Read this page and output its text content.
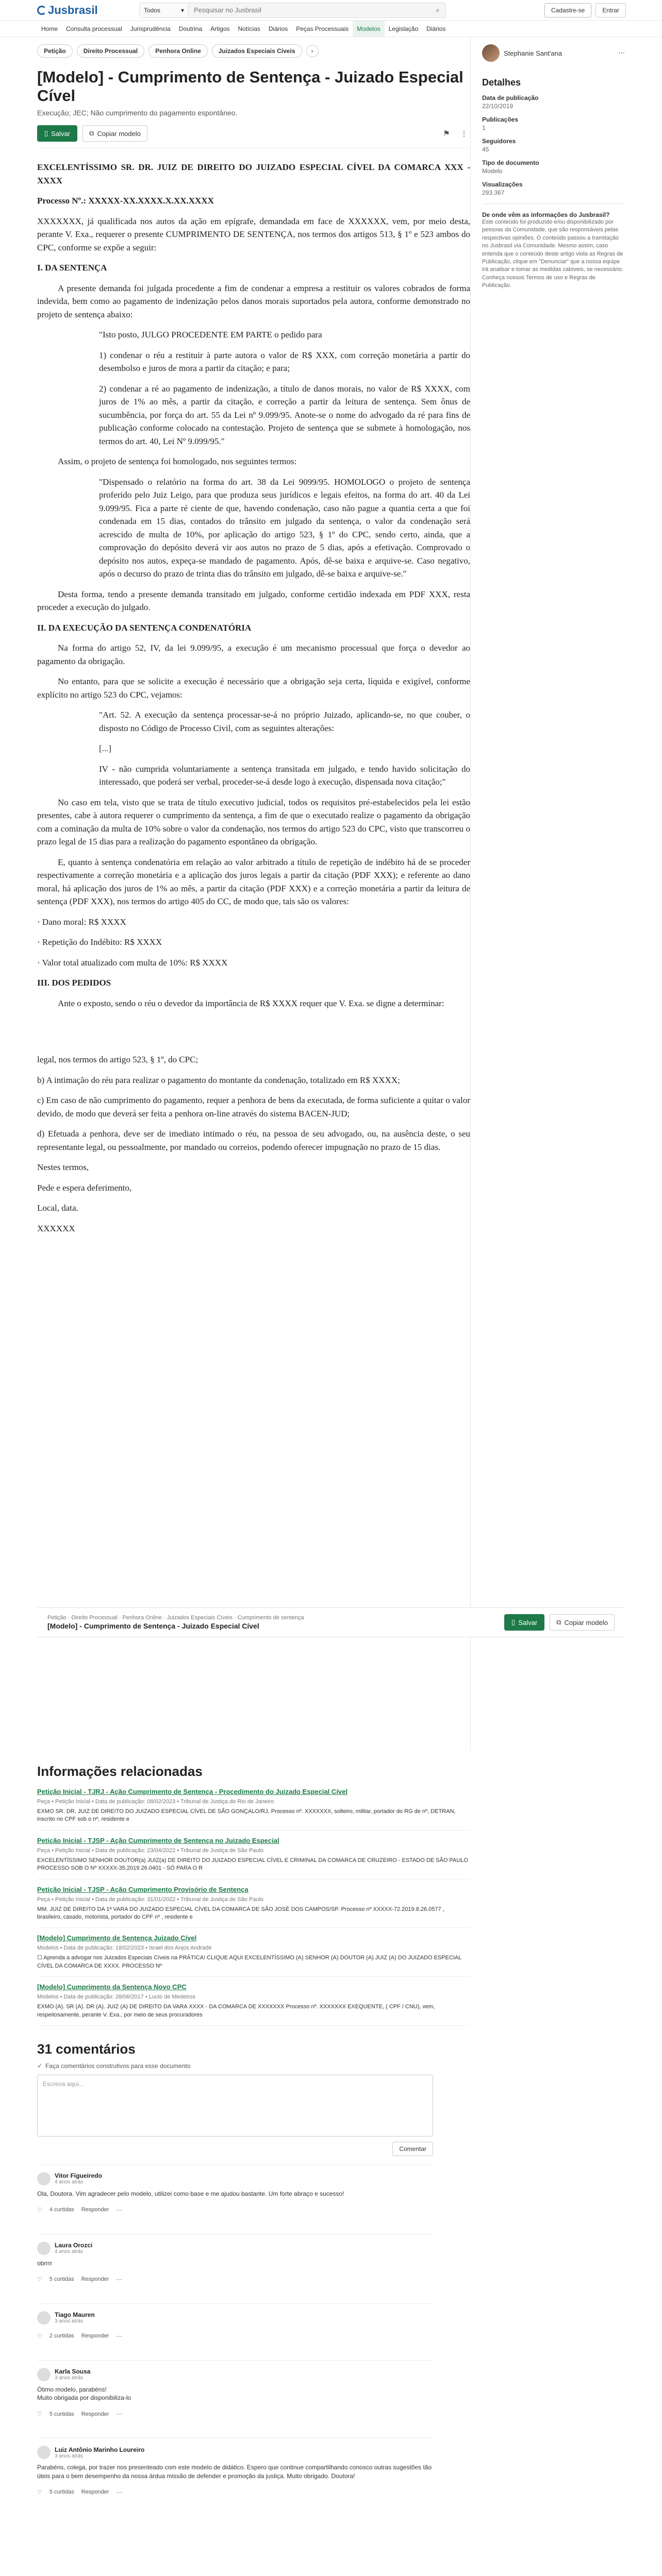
Jusbrasil	Todos	▾
Pesquisar no Jusbrasil	⌕	Cadastre-se	Entrar
Home	Consulta processual	Jurisprudência	Doutrina	Artigos	Notícias	Diários	Peças Processuais	Modelos	Legislação	Diários
Petição	Direito Processual	Penhora Online	Juizados Especiais Cíveis	›
[Modelo] - Cumprimento de Sentença - Juizado Especial Cível
Execução; JEC; Não cumprimento do pagamento espontâneo.
▯ Salvar	⧉ Copiar modelo	⚑	⋮

EXCELENTÍSSIMO SR. DR. JUIZ DE DIREITO DO JUIZADO ESPECIAL CÍVEL DA COMARCA XXX - XXXX

Processo Nº.: XXXXX-XX.XXXX.X.XX.XXXX

XXXXXXX, já qualificada nos autos da ação em epígrafe, demandada em face de XXXXXX, vem, por meio desta, perante V. Exa., requerer o presente CUMPRIMENTO DE SENTENÇA, nos termos dos artigos 513, § 1º e 523 ambos do CPC, conforme se expõe a seguir:

I. DA SENTENÇA

A presente demanda foi julgada procedente a fim de condenar a empresa a restituir os valores cobrados de forma indevida, bem como ao pagamento de indenização pelos danos morais suportados pela autora, conforme demonstrado no projeto de sentença abaixo:

"Isto posto, JULGO PROCEDENTE EM PARTE o pedido para
1) condenar o réu a restituir à parte autora o valor de R$ XXX, com correção monetária a partir do desembolso e juros de mora a partir da citação; e para;
2) condenar a ré ao pagamento de indenização, a título de danos morais, no valor de R$ XXXX, com juros de 1% ao mês, a partir da citação, e correção a partir da leitura de sentença. Sem ônus de sucumbência, por força do art. 55 da Lei nº 9.099/95. Anote-se o nome do advogado da ré para fins de publicação conforme colocado na contestação. Projeto de sentença que se submete à homologação, nos termos do art. 40, Lei Nº 9.099/95."

Assim, o projeto de sentença foi homologado, nos seguintes termos:

"Dispensado o relatório na forma do art. 38 da Lei 9099/95. HOMOLOGO o projeto de sentença proferido pelo Juiz Leigo, para que produza seus jurídicos e legais efeitos, na forma do art. 40 da Lei 9.099/95. Fica a parte ré ciente de que, havendo condenação, caso não pague a quantia certa a que foi condenada em 15 dias, contados do trânsito em julgado da sentença, o valor da condenação será acrescido de multa de 10%, por aplicação do artigo 523, § 1º do CPC, sendo certo, ainda, que a comprovação do depósito deverá vir aos autos no prazo de 5 dias, após a efetivação. Comprovado o depósito nos autos, expeça-se mandado de pagamento. Após, dê-se baixa e arquive-se. Caso negativo, após o decurso do prazo de trinta dias do trânsito em julgado, dê-se baixa e arquive-se."

Desta forma, tendo a presente demanda transitado em julgado, conforme certidão indexada em PDF XXX, resta proceder a execução do julgado.

II. DA EXECUÇÃO DA SENTENÇA CONDENATÓRIA

Na forma do artigo 52, IV, da lei 9.099/95, a execução é um mecanismo processual que força o devedor ao pagamento da obrigação.

No entanto, para que se solicite a execução é necessário que a obrigação seja certa, líquida e exigível, conforme explícito no artigo 523 do CPC, vejamos:

"Art. 52. A execução da sentença processar-se-á no próprio Juizado, aplicando-se, no que couber, o disposto no Código de Processo Civil, com as seguintes alterações:
[...]
IV - não cumprida voluntariamente a sentença transitada em julgado, e tendo havido solicitação do interessado, que poderá ser verbal, proceder-se-á desde logo à execução, dispensada nova citação;"

No caso em tela, visto que se trata de título executivo judicial, todos os requisitos pré-estabelecidos pela lei estão presentes, cabe à autora requerer o cumprimento da sentença, a fim de que o executado realize o pagamento da obrigação com a cominação da multa de 10% sobre o valor da condenação, nos termos do artigo 523 do CPC, visto que transcorreu o prazo legal de 15 dias para a realização do pagamento espontâneo da obrigação.

E, quanto à sentença condenatória em relação ao valor arbitrado a título de repetição de indébito há de se proceder respectivamente a correção monetária e a aplicação dos juros legais a partir da citação (PDF XXX); e referente ao dano moral, há aplicação dos juros de 1% ao mês, a partir da citação (PDF XXX) e a correção monetária a partir da leitura de sentença (PDF XXX), nos termos do artigo 405 do CC, de modo que, tais são os valores:

· Dano moral: R$ XXXX

· Repetição do Indébito: R$ XXXX

· Valor total atualizado com multa de 10%: R$ XXXX

III. DOS PEDIDOS

Ante o exposto, sendo o réu o devedor da importância de R$ XXXX requer que V. Exa. se digne a determinar:

legal, nos termos do artigo 523, § 1º, do CPC;

b) A intimação do réu para realizar o pagamento do montante da condenação, totalizado em R$ XXXX;

c) Em caso de não cumprimento do pagamento, requer a penhora de bens da executada, de forma suficiente a quitar o valor devido, de modo que deverá ser feita a penhora on-line através do sistema BACEN-JUD;

d) Efetuada a penhora, deve ser de imediato intimado o réu, na pessoa de seu advogado, ou, na ausência deste, o seu representante legal, ou pessoalmente, por mandado ou correios, podendo oferecer impugnação no prazo de 15 dias.

Nestes termos,

Pede e espera deferimento,

Local, data.

XXXXXX

Stephanie Sant'ana	⋯
Detalhes
Data de publicação
22/10/2019
Publicações
1
Seguidores
45
Tipo de documento
Modelo
Visualizações
293.367
De onde vêm as informações do Jusbrasil?
Este conteúdo foi produzido e/ou disponibilizado por pessoas da Comunidade, que são responsáveis pelas respectivas opiniões. O conteúdo passou a tramitação no Jusbrasil via Comunidade. Mesmo assim, caso entenda que o conteúdo deste artigo viola as Regras de Publicação, clique em "Denunciar" que a nossa equipe irá analisar e tomar as medidas cabíveis, se necessário. Conheça nossos Termos de uso e Regras de Publicação.
Petição · Direito Processual · Penhora Online · Juizados Especiais Cíveis · Cumprimento de sentença
[Modelo] - Cumprimento de Sentença - Juizado Especial Cível	▯ Salvar	⧉ Copiar modelo
Informações relacionadas
Petição Inicial - TJRJ - Ação Cumprimento de Sentença - Procedimento do Juizado Especial Cível
Peça • Petição Inicial • Data de publicação: 08/02/2023 • Tribunal de Justiça do Rio de Janeiro
EXMO SR. DR. JUIZ DE DIREITO DO JUIZADO ESPECIAL CÍVEL DE SÃO GONÇALO/RJ. Processo nº. XXXXXXX, solteiro, militar, portador do RG de nº, DETRAN, inscrito no CPF sob o nº, residente e
Petição Inicial - TJSP - Ação Cumprimento de Sentença no Juizado Especial
Peça • Petição Inicial • Data de publicação: 23/04/2022 • Tribunal de Justiça de São Paulo
EXCELENTÍSSIMO SENHOR DOUTOR(a) JUIZ(a) DE DIREITO DO JUIZADO ESPECIAL CÍVEL E CRIMINAL DA COMARCA DE CRUZEIRO - ESTADO DE SÃO PAULO PROCESSO SOB O Nº XXXXX-35.2019.26.0401 - SÓ PARA O R
Petição Inicial - TJSP - Ação Cumprimento Provisório de Sentença
Peça • Petição Inicial • Data de publicação: 31/01/2022 • Tribunal de Justiça de São Paulo
MM. JUIZ DE DIREITO DA 1ª VARA DO JUIZADO ESPECIAL CÍVEL DA COMARCA DE SÃO JOSÉ DOS CAMPOS/SP. Processo nº XXXXX-72.2019.8.26.0577 , brasileiro, casado, motorista, portador do CPF nº , residente e
[Modelo] Cumprimento de Sentença Juizado Cível
Modelos • Data de publicação: 18/02/2023 • Israel dos Anjos Andrade
☐ Aprenda a advogar nos Juizados Especiais Cíveis na PRÁTICA! CLIQUE AQUI EXCELENTÍSSIMO (A) SENHOR (A) DOUTOR (A) JUIZ (A) DO JUIZADO ESPECIAL CÍVEL DA COMARCA DE XXXX. PROCESSO Nº
[Modelo] Cumprimento da Sentença Novo CPC
Modelos • Data de publicação: 28/06/2017 • Lucio de Medeiros
EXMO (A). SR (A). DR (A). JUIZ (A) DE DIREITO DA VARA XXXX - DA COMARCA DE XXXXXXX Processo nº. XXXXXXX EXEQUENTE, ( CPF / CNU), vem, respeitosamente, perante V. Exa., por meio de seus procuradores
31 comentários
✓ Faça comentários construtivos para esse documento
Escreva aqui...
Comentar
Vitor Figueiredo
4 anos atrás
Ola, Doutora. Vim agradecer pelo modelo, utilizei como base e me ajudou bastante. Um forte abraço e sucesso!
♡ 4 curtidas Responder ⋯
Laura Orozci
4 anos atrás
obrrrr
♡ 5 curtidas Responder ⋯
Tiago Mauren
3 anos atrás
♡ 2 curtidas Responder ⋯
Karla Sousa
3 anos atrás
Ótimo modelo, parabéns!
Muito obrigada por disponibiliza-lo
♡ 5 curtidas Responder ⋯
Luiz Antônio Marinho Loureiro
3 anos atrás
Parabéns, colega, por trazer nos presenteado com este modelo de didático. Espero que continue compartilhando conosco outras sugestões tão úteis para o bem desempenho da nossa árdua missão de defender e promoção da justiça. Muito obrigado. Doutora!
♡ 5 curtidas Responder ⋯
